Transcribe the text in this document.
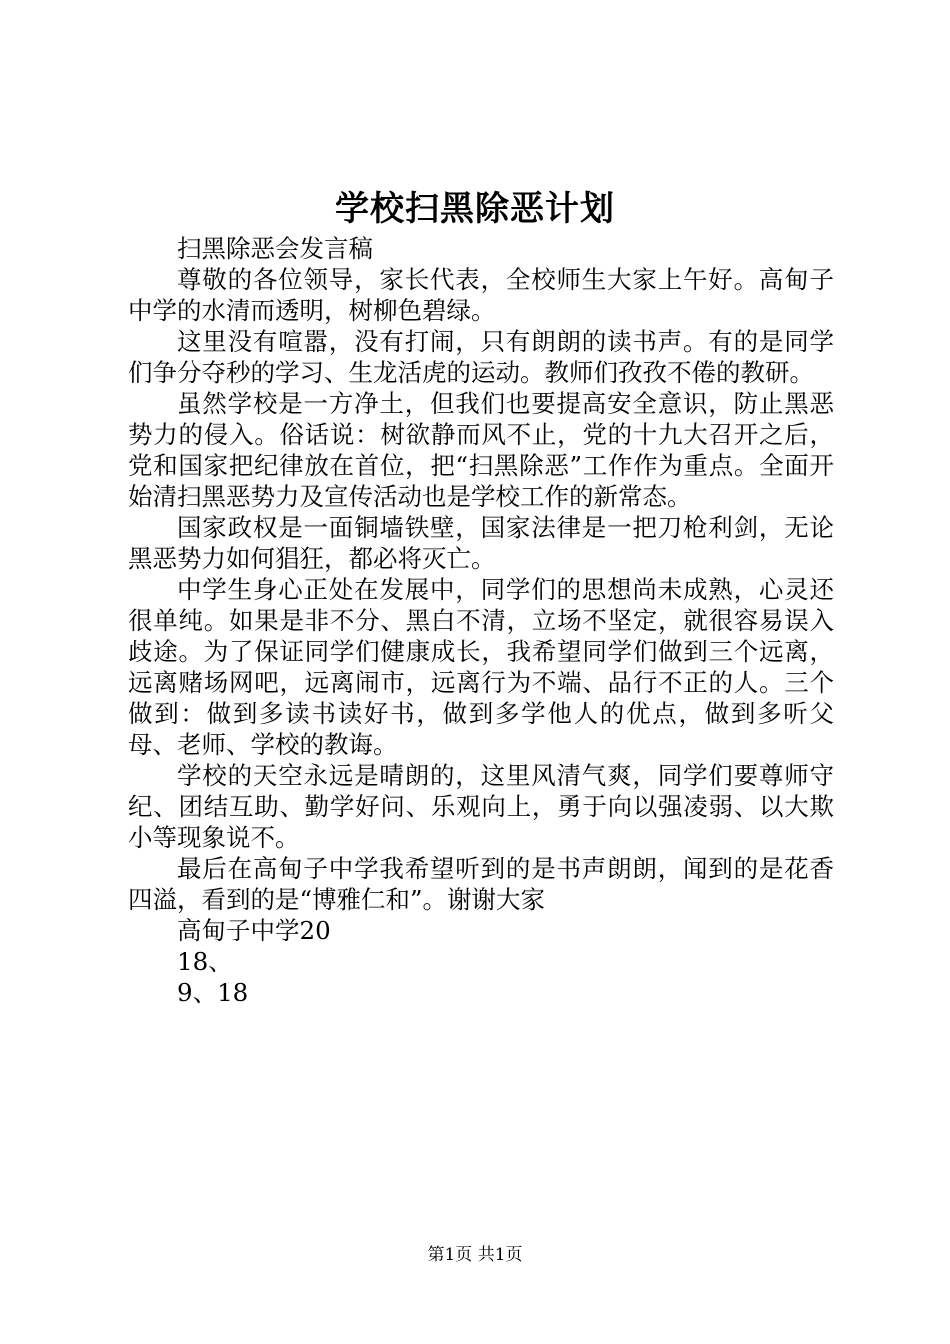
学校扫黑除恶计划

扫黑除恶会发言稿

尊敬的各位领导，家长代表，全校师生大家上午好。高甸子中学的水清而透明，树柳色碧绿。

这里没有喧嚣，没有打闹，只有朗朗的读书声。有的是同学们争分夺秒的学习、生龙活虎的运动。教师们孜孜不倦的教研。

虽然学校是一方净土，但我们也要提高安全意识，防止黑恶势力的侵入。俗话说：树欲静而风不止，党的十九大召开之后，党和国家把纪律放在首位，把“扫黑除恶”工作作为重点。全面开始清扫黑恶势力及宣传活动也是学校工作的新常态。

国家政权是一面铜墙铁壁，国家法律是一把刀枪利剑，无论黑恶势力如何猖狂，都必将灭亡。

中学生身心正处在发展中，同学们的思想尚未成熟，心灵还很单纯。如果是非不分、黑白不清，立场不坚定，就很容易误入歧途。为了保证同学们健康成长，我希望同学们做到三个远离，远离赌场网吧，远离闹市，远离行为不端、品行不正的人。三个做到：做到多读书读好书，做到多学他人的优点，做到多听父母、老师、学校的教诲。

学校的天空永远是晴朗的，这里风清气爽，同学们要尊师守纪、团结互助、勤学好问、乐观向上，勇于向以强凌弱、以大欺小等现象说不。

最后在高甸子中学我希望听到的是书声朗朗，闻到的是花香四溢，看到的是“博雅仁和”。谢谢大家

高甸子中学20

18、

9、18

第1页 共1页
